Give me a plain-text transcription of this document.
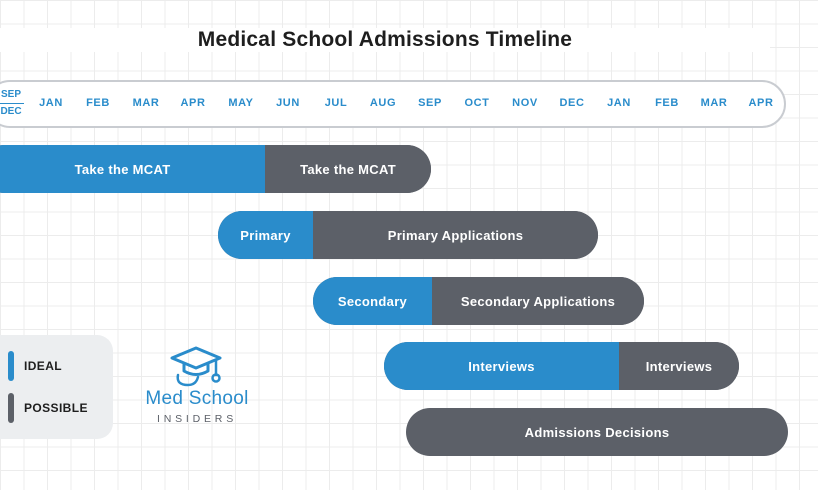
Medical School Admissions Timeline
SEP
DEC
JAN	FEB	MAR	APR	MAY	JUN	JUL	AUG	SEP	OCT	NOV	DEC	JAN	FEB	MAR	APR
Take the MCAT	Take the MCAT
Primary	Primary Applications
Secondary	Secondary Applications
Interviews	Interviews
Admissions Decisions
IDEAL
POSSIBLE	Med School
INSIDERS
